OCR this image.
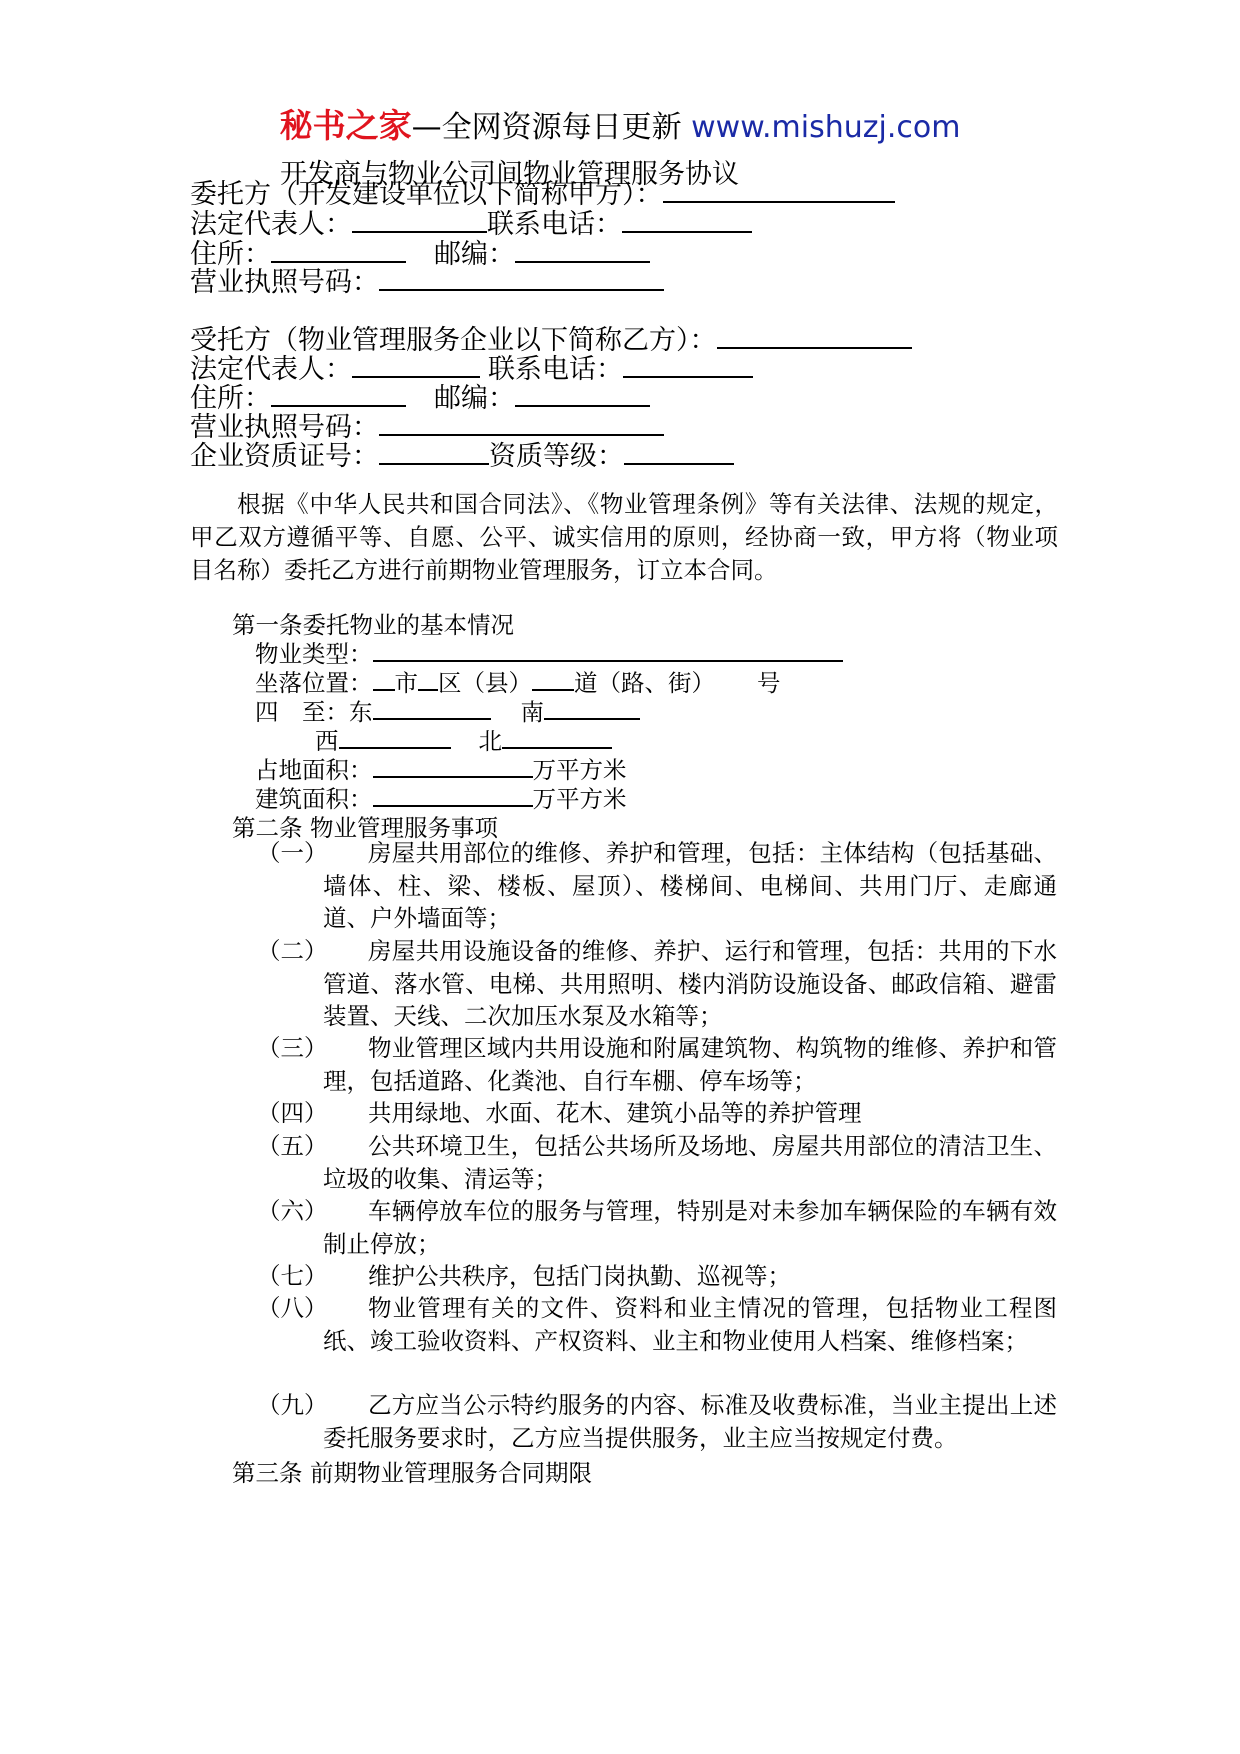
秘书之家—全网资源每日更新 www.mishuzj.com
开发商与物业公司间物业管理服务协议
委托方（开发建设单位以下简称甲方）：
法定代表人：	联系电话：
住所：	邮编：
营业执照号码：
受托方（物业管理服务企业以下简称乙方）：
法定代表人：	联系电话：
住所：	邮编：
营业执照号码：
企业资质证号：	资质等级：
根据《中华人民共和国合同法》、《物业管理条例》等有关法律、法规的规定，甲乙双方遵循平等、自愿、公平、诚实信用的原则，经协商一致，甲方将（物业项目名称）委托乙方进行前期物业管理服务，订立本合同。
第一条委托物业的基本情况
物业类型：
坐落位置： 市 区（县） 道（路、街） 号
四　至：东	南
西	北
占地面积：	万平方米
建筑面积：	万平方米
第二条 物业管理服务事项
（一）	房屋共用部位的维修、养护和管理，包括：主体结构（包括基础、墙体、柱、梁、楼板、屋顶）、楼梯间、电梯间、共用门厅、走廊通道、户外墙面等；
（二）	房屋共用设施设备的维修、养护、运行和管理，包括：共用的下水管道、落水管、电梯、共用照明、楼内消防设施设备、邮政信箱、避雷装置、天线、二次加压水泵及水箱等；
（三）	物业管理区域内共用设施和附属建筑物、构筑物的维修、养护和管理，包括道路、化粪池、自行车棚、停车场等；
（四）	共用绿地、水面、花木、建筑小品等的养护管理
（五）	公共环境卫生，包括公共场所及场地、房屋共用部位的清洁卫生、垃圾的收集、清运等；
（六）	车辆停放车位的服务与管理，特别是对未参加车辆保险的车辆有效制止停放；
（七）	维护公共秩序，包括门岗执勤、巡视等；
（八）	物业管理有关的文件、资料和业主情况的管理，包括物业工程图纸、竣工验收资料、产权资料、业主和物业使用人档案、维修档案；
（九）	乙方应当公示特约服务的内容、标准及收费标准，当业主提出上述委托服务要求时，乙方应当提供服务，业主应当按规定付费。
第三条 前期物业管理服务合同期限
